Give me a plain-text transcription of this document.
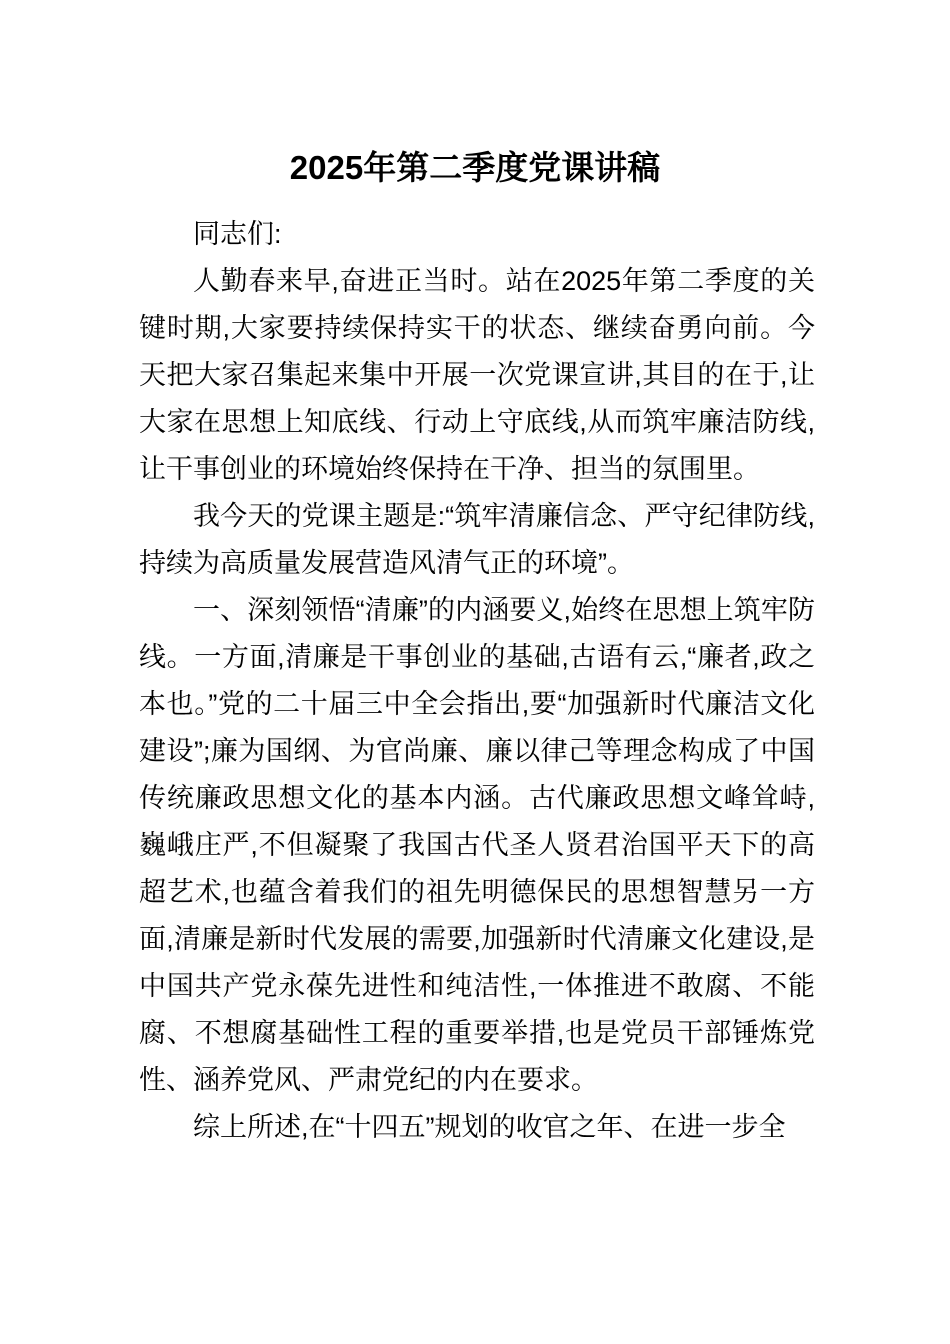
2025年第二季度党课讲稿

同志们:

人勤春来早,奋进正当时。站在2025年第二季度的关键时期,大家要持续保持实干的状态、继续奋勇向前。今天把大家召集起来集中开展一次党课宣讲,其目的在于,让大家在思想上知底线、行动上守底线,从而筑牢廉洁防线,让干事创业的环境始终保持在干净、担当的氛围里。

我今天的党课主题是:“筑牢清廉信念、严守纪律防线,持续为高质量发展营造风清气正的环境”。

一、深刻领悟“清廉”的内涵要义,始终在思想上筑牢防线。一方面,清廉是干事创业的基础,古语有云,“廉者,政之本也。”党的二十届三中全会指出,要“加强新时代廉洁文化建设”;廉为国纲、为官尚廉、廉以律己等理念构成了中国传统廉政思想文化的基本内涵。古代廉政思想文峰耸峙,巍峨庄严,不但凝聚了我国古代圣人贤君治国平天下的高超艺术,也蕴含着我们的祖先明德保民的思想智慧另一方面,清廉是新时代发展的需要,加强新时代清廉文化建设,是中国共产党永葆先进性和纯洁性,一体推进不敢腐、不能腐、不想腐基础性工程的重要举措,也是党员干部锤炼党性、涵养党风、严肃党纪的内在要求。

综上所述,在“十四五”规划的收官之年、在进一步全
